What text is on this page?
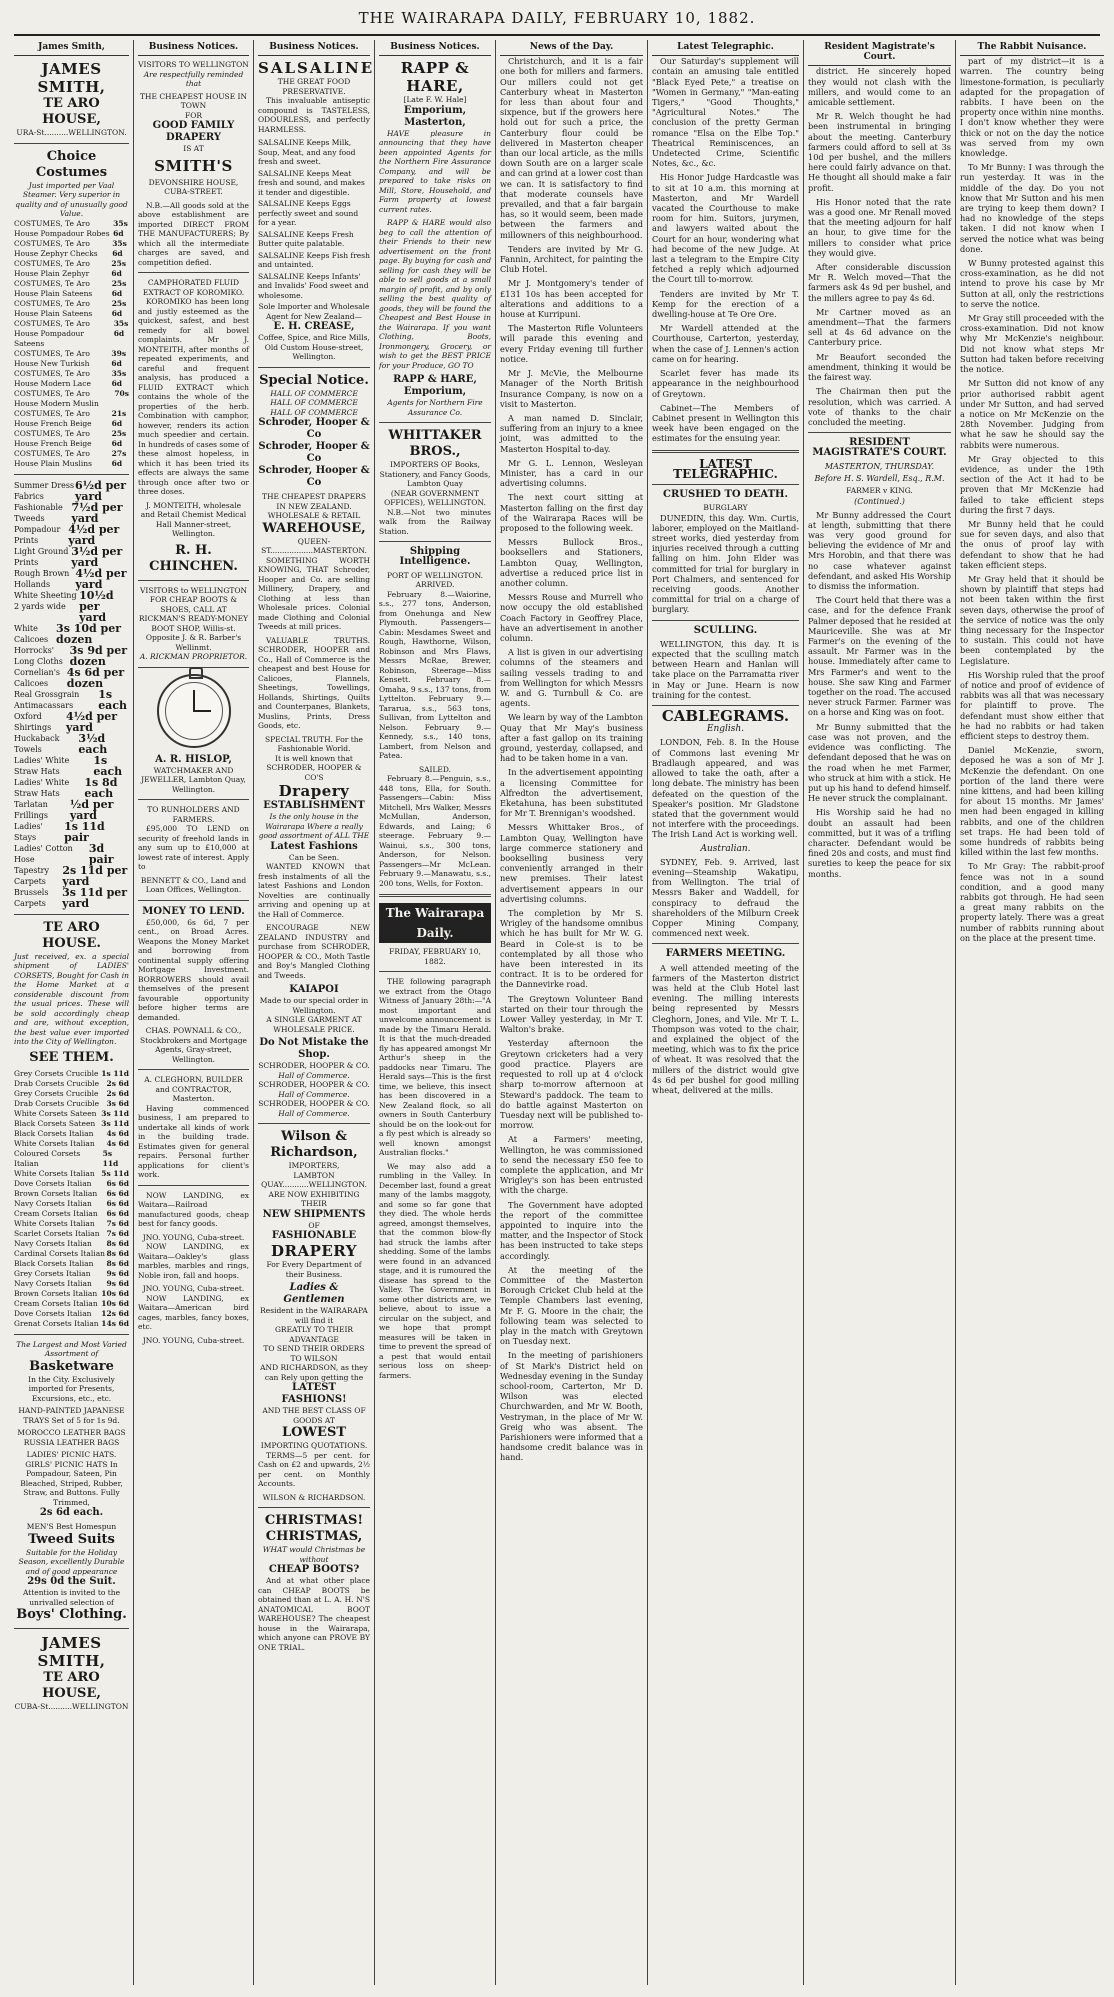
THE WAIRARAPA DAILY, FEBRUARY 10, 1882.
James Smith,
JAMES SMITH,
TE ARO HOUSE,
URA-St..........WELLINGTON.
Choice Costumes
Just imported per Vaal Steamer. Very superior in quality and of unusually good Value.
COSTUMES, Te Aro House Pompadour Robes
35s 6d
COSTUMES, Te Aro House Zephyr Checks
35s 6d
COSTUMES, Te Aro House Plain Zephyr
25s 6d
COSTUMES, Te Aro House Plain Sateens
25s 6d
COSTUMES, Te Aro House Plain Sateens
25s 6d
COSTUMES, Te Aro House Pompadour Sateens
35s 6d
COSTUMES, Te Aro House New Turkish
39s 6d
COSTUMES, Te Aro House Modern Lace
35s 6d
COSTUMES, Te Aro House Modern Muslin
70s
COSTUMES, Te Aro House French Beige
21s 6d
COSTUMES, Te Aro House French Beige
25s 6d
COSTUMES, Te Aro House Plain Muslins
27s 6d
Summer Dress Fabrics
6½d per yard
Fashionable Tweeds
7½d per yard
Pompadour Prints
4½d per yard
Light Ground Prints
3½d per yard
Rough Brown Hollands
4½d per yard
White Sheeting 2 yards wide
10½d per yard
White Calicoes
3s 10d per dozen
Horrocks' Long Cloths
3s 9d per dozen
Cornelian's Calicoes
4s 6d per dozen
Real Grossgrain Antimacassars
1s each
Oxford Shirtings
4½d per yard
Huckaback Towels
3½d each
Ladies' White Straw Hats
1s each
Ladies' White Straw Hats
1s 8d each
Tarlatan Frillings
½d per yard
Ladies' Stays
1s 11d pair
Ladies' Cotton Hose
3d pair
Tapestry Carpets
2s 11d per yard
Brussels Carpets
3s 11d per yard
TE ARO HOUSE.
Just received, ex. a special shipment of LADIES' CORSETS, Bought for Cash in the Home Market at a considerable discount from the usual prices. These will be sold accordingly cheap and are, without exception, the best value ever imported into the City of Wellington.
SEE THEM.
Grey Corsets Crucible 1s 11d
Drab Corsets Crucible 2s 6d
Grey Corsets Crucible 2s 6d
Drab Corsets Crucible 3s 6d
White Corsets Sateen 3s 11d
Black Corsets Sateen 3s 11d
Black Corsets Italian 4s 6d
White Corsets Italian 4s 6d
Coloured Corsets Italian
5s 11d
White Corsets Italian 5s 11d
Dove Corsets Italian 6s 6d
Brown Corsets Italian 6s 6d
Navy Corsets Italian 6s 6d
Cream Corsets Italian 6s 6d
White Corsets Italian 7s 6d
Scarlet Corsets Italian 7s 6d
Navy Corsets Italian 8s 6d
Cardinal Corsets Italian 8s 6d
Black Corsets Italian 8s 6d
Grey Corsets Italian 9s 6d
Navy Corsets Italian 9s 6d
Brown Corsets Italian 10s 6d
Cream Corsets Italian 10s 6d
Dove Corsets Italian 12s 6d
Grenat Corsets Italian 14s 6d
The Largest and Most Varied Assortment of
Basketware
In the City. Exclusively imported for Presents, Excursions, etc., etc.
HAND-PAINTED JAPANESE TRAYS Set of 5 for 1s 9d.
MOROCCO LEATHER BAGS RUSSIA LEATHER BAGS
LADIES' PICNIC HATS. GIRLS' PICNIC HATS In Pompadour, Sateen, Pin Bleached, Striped, Rubber, Straw, and Buttons. Fully Trimmed,
2s 6d each.
MEN'S Best Homespun
Tweed Suits
Suitable for the Holiday Season, excellently Durable and of good appearance
29s 0d the Suit.
Attention is invited to the unrivalled selection of
Boys' Clothing.
JAMES SMITH,
TE ARO HOUSE,
CUBA-St..........WELLINGTON
Business Notices.
VISITORS TO WELLINGTON
Are respectfully reminded that
THE CHEAPEST HOUSE IN TOWN
FOR
GOOD FAMILY DRAPERY
IS AT
SMITH'S
DEVONSHIRE HOUSE,
CUBA-STREET.

N.B.—All goods sold at the above establishment are imported DIRECT FROM THE MANUFACTURERS; By which all the intermediate charges are saved, and competition defied.

CAMPHORATED FLUID EXTRACT OF KOROMIKO.

KOROMIKO has been long and justly esteemed as the quickest, safest, and best remedy for all bowel complaints. Mr J. MONTEITH, after months of repeated experiments, and careful and frequent analysis, has produced a FLUID EXTRACT which contains the whole of the properties of the herb. Combination with camphor, however, renders its action much speedier and certain. In hundreds of cases some of these almost hopeless, in which it has been tried its effects are always the same through once after two or three doses.

J. MONTEITH, wholesale and Retail Chemist Medical Hall Manner-street, Wellington.
R. H. CHINCHEN.
VISITORS to WELLINGTON FOR CHEAP BOOTS & SHOES, CALL AT RICKMAN'S READY-MONEY BOOT SHOP, Willis-st. Opposite J. & R. Barber's Wellinmt.
A. RICKMAN PROPRIETOR.
A. R. HISLOP,
WATCHMAKER AND JEWELLER, Lambton Quay, Wellington.
TO RUNHOLDERS AND FARMERS.

£95,000 TO LEND on security of freehold lands in any sum up to £10,000 at lowest rate of interest. Apply to

BENNETT & CO., Land and Loan Offices, Wellington.
MONEY TO LEND.

£50,000, 6s 6d, 7 per cent., on Broad Acres. Weapons the Money Market and borrowing from continental supply offering Mortgage Investment. BORROWERS should avail themselves of the present favourable opportunity before higher terms are demanded.

CHAS. POWNALL & CO., Stockbrokers and Mortgage Agents, Gray-street, Wellington.
A. CLEGHORN, BUILDER and CONTRACTOR, Masterton.

Having commenced business, I am prepared to undertake all kinds of work in the building trade. Estimates given for general repairs. Personal further applications for client's work.

NOW LANDING, ex Waitara—Railroad manufactured goods, cheap best for fancy goods.

JNO. YOUNG, Cuba-street.

NOW LANDING, ex Waitara—Oakley's glass marbles, marbles and rings, Noble iron, fall and hoops.

JNO. YOUNG, Cuba-street.

NOW LANDING, ex Waitara—American bird cages, marbles, fancy boxes, etc.

JNO. YOUNG, Cuba-street.
Business Notices.
SALSALINE
THE GREAT FOOD PRESERVATIVE.

This invaluable antiseptic compound is TASTELESS, ODOURLESS, and perfectly HARMLESS.

SALSALINE Keeps Milk, Soup, Meat, and any food fresh and sweet.
SALSALINE Keeps Meat fresh and sound, and makes it tender and digestible.
SALSALINE Keeps Eggs perfectly sweet and sound for a year.
SALSALINE Keeps Fresh Butter quite palatable.
SALSALINE Keeps Fish fresh and untainted.
SALSALINE Keeps Infants' and Invalids' Food sweet and wholesome.
Sole Importer and Wholesale Agent for New Zealand—
E. H. CREASE,
Coffee, Spice, and Rice Mills, Old Custom House-street, Wellington.
Special Notice.
HALL OF COMMERCE
HALL OF COMMERCE
HALL OF COMMERCE
Schroder, Hooper & Co
Schroder, Hooper & Co
Schroder, Hooper & Co
THE CHEAPEST DRAPERS IN NEW ZEALAND.
WHOLESALE & RETAIL
WAREHOUSE,
QUEEN-ST..................MASTERTON.

SOMETHING WORTH KNOWING, THAT Schroder, Hooper and Co. are selling Millinery, Drapery, and Clothing at less than Wholesale prices. Colonial made Clothing and Colonial Tweeds at mill prices.

VALUABLE TRUTHS. SCHRODER, HOOPER and Co., Hall of Commerce is the cheapest and best House for Calicoes, Flannels, Sheetings, Towellings, Hollands, Shirtings, Quilts and Counterpanes, Blankets, Muslins, Prints, Dress Goods, etc.

SPECIAL TRUTH. For the Fashionable World.
It is well known that SCHRODER, HOOPER & CO'S
Drapery
ESTABLISHMENT
Is the only house in the Wairarapa Where a really good assortment of ALL THE
Latest Fashions
Can be Seen.

WANTED KNOWN that fresh instalments of all the latest Fashions and London Novelties are continually arriving and opening up at the Hall of Commerce.

ENCOURAGE NEW ZEALAND INDUSTRY and purchase from SCHRODER, HOOPER & CO., Moth Tastle and Boy's Mangled Clothing and Tweeds.

KAIAPOI
Made to our special order in Wellington.
A SINGLE GARMENT AT WHOLESALE PRICE.
Do Not Mistake the Shop.
SCHRODER, HOOPER & CO.
Hall of Commerce.
SCHRODER, HOOPER & CO.
Hall of Commerce.
SCHRODER, HOOPER & CO.
Hall of Commerce.
Wilson & Richardson,
IMPORTERS,
LAMBTON QUAY...........WELLINGTON.
ARE NOW EXHIBITING THEIR
NEW SHIPMENTS
OF
FASHIONABLE
DRAPERY
For Every Department of their Business.
Ladies & Gentlemen
Resident in the WAIRARAPA will find it
GREATLY TO THEIR ADVANTAGE
TO SEND THEIR ORDERS TO WILSON
AND RICHARDSON, as they can Rely upon getting the
LATEST FASHIONS!
AND THE BEST CLASS OF GOODS AT
LOWEST
IMPORTING QUOTATIONS.

TERMS—5 per cent. for Cash on £2 and upwards, 2½ per cent. on Monthly Accounts.

WILSON & RICHARDSON.
CHRISTMAS!
CHRISTMAS,
WHAT would Christmas be without
CHEAP BOOTS?

And at what other place can CHEAP BOOTS be obtained than at L. A. H. N'S ANATOMICAL BOOT WAREHOUSE? The cheapest house in the Wairarapa, which anyone can PROVE BY ONE TRIAL.

Business Notices.
RAPP & HARE,
[Late F. W. Hale]
Emporium, Masterton,

HAVE pleasure in announcing that they have been appointed Agents for the Northern Fire Assurance Company, and will be prepared to take risks on Mill, Store, Household, and Farm property at lowest current rates.

RAPP & HARE would also beg to call the attention of their Friends to their new advertisement on the front page. By buying for cash and selling for cash they will be able to sell goods at a small margin of profit, and by only selling the best quality of goods, they will be found the Cheapest and Best House in the Wairarapa. If you want Clothing, Boots, Ironmongery, Grocery, or wish to get the BEST PRICE for your Produce, GO TO

RAPP & HARE, Emporium,
Agents for Northern Fire Assurance Co.
WHITTAKER BROS.,
IMPORTERS OF Books, Stationery, and Fancy Goods, Lambton Quay
(NEAR GOVERNMENT OFFICES), WELLINGTON.

N.B.—Not two minutes walk from the Railway Station.

Shipping Intelligence.
PORT OF WELLINGTON.
ARRIVED.

February 8.—Waiorine, s.s., 277 tons, Anderson, from Onehunga and New Plymouth. Passengers—Cabin: Mesdames Sweet and Rough, Hawthorne, Wilson, Robinson and Mrs Flaws, Messrs McRae, Brewer, Robinson, Steerage—Miss Kensett. February 8.—Omaha, 9 s.s., 137 tons, from Lyttelton. February 9.—Tararua, s.s., 563 tons, Sullivan, from Lyttelton and Nelson. February 9.—Kennedy, s.s., 140 tons, Lambert, from Nelson and Patea.

SAILED.

February 8.—Penguin, s.s., 448 tons, Ella, for South. Passengers—Cabin: Miss Mitchell, Mrs Walker, Messrs McMullan, Anderson, Edwards, and Laing; 6 steerage. February 9.—Wainui, s.s., 300 tons, Anderson, for Nelson. Passengers—Mr McLean. February 9.—Manawatu, s.s., 200 tons, Wells, for Foxton.

The Wairarapa Daily.
FRIDAY, FEBRUARY 10, 1882.

THE following paragraph we extract from the Otago Witness of January 28th:—"A most important and unwelcome announcement is made by the Timaru Herald. It is that the much-dreaded fly has appeared amongst Mr Arthur's sheep in the paddocks near Timaru. The Herald says—This is the first time, we believe, this insect has been discovered in a New Zealand flock, so all owners in South Canterbury should be on the look-out for a fly pest which is already so well known amongst Australian flocks."

We may also add a rumbling in the Valley. In December last, found a great many of the lambs maggoty, and some so far gone that they died. The whole herds agreed, amongst themselves, that the common blow-fly had struck the lambs after shedding. Some of the lambs were found in an advanced stage, and it is rumoured the disease has spread to the Valley. The Government in some other districts are, we believe, about to issue a circular on the subject, and we hope that prompt measures will be taken in time to prevent the spread of a pest that would entail serious loss on sheep-farmers.

News of the Day.

Christchurch, and it is a fair one both for millers and farmers. Our millers could not get Canterbury wheat in Masterton for less than about four and sixpence, but if the growers here hold out for such a price, the Canterbury flour could be delivered in Masterton cheaper than our local article, as the mills down South are on a larger scale and can grind at a lower cost than we can. It is satisfactory to find that moderate counsels have prevailed, and that a fair bargain has, so it would seem, been made between the farmers and millowners of this neighbourhood.

Tenders are invited by Mr G. Fannin, Architect, for painting the Club Hotel.

Mr J. Montgomery's tender of £131 10s has been accepted for alterations and additions to a house at Kurripuni.

The Masterton Rifle Volunteers will parade this evening and every Friday evening till further notice.

Mr J. McVie, the Melbourne Manager of the North British Insurance Company, is now on a visit to Masterton.

A man named D. Sinclair, suffering from an injury to a knee joint, was admitted to the Masterton Hospital to-day.

Mr G. L. Lennon, Wesleyan Minister, has a card in our advertising columns.

The next court sitting at Masterton falling on the first day of the Wairarapa Races will be proposed to the following week.

Messrs Bullock Bros., booksellers and Stationers, Lambton Quay, Wellington, advertise a reduced price list in another column.

Messrs Rouse and Murrell who now occupy the old established Coach Factory in Geoffrey Place, have an advertisement in another column.

A list is given in our advertising columns of the steamers and sailing vessels trading to and from Wellington for which Messrs W. and G. Turnbull & Co. are agents.

We learn by way of the Lambton Quay that Mr May's business after a fast gallop on its training ground, yesterday, collapsed, and had to be taken home in a van.

In the advertisement appointing a licensing Committee for Alfredton the advertisement, Eketahuna, has been substituted for Mr T. Brennigan's woodshed.

Messrs Whittaker Bros., of Lambton Quay, Wellington have large commerce stationery and bookselling business very conveniently arranged in their new premises. Their latest advertisement appears in our advertising columns.

The completion by Mr S. Wrigley of the handsome omnibus which he has built for Mr W. G. Beard in Cole-st is to be contemplated by all those who have been interested in its contract. It is to be ordered for the Dannevirke road.

The Greytown Volunteer Band started on their tour through the Lower Valley yesterday, in Mr T. Walton's brake.

Yesterday afternoon the Greytown cricketers had a very good practice. Players are requested to roll up at 4 o'clock sharp to-morrow afternoon at Steward's paddock. The team to do battle against Masterton on Tuesday next will be published to-morrow.

At a Farmers' meeting, Wellington, he was commissioned to send the necessary £50 fee to complete the application, and Mr Wrigley's son has been entrusted with the charge.

The Government have adopted the report of the committee appointed to inquire into the matter, and the Inspector of Stock has been instructed to take steps accordingly.

At the meeting of the Committee of the Masterton Borough Cricket Club held at the Temple Chambers last evening, Mr F. G. Moore in the chair, the following team was selected to play in the match with Greytown on Tuesday next.

In the meeting of parishioners of St Mark's District held on Wednesday evening in the Sunday school-room, Carterton, Mr D. Wilson was elected Churchwarden, and Mr W. Booth, Vestryman, in the place of Mr W. Greig who was absent. The Parishioners were informed that a handsome credit balance was in hand.

Latest Telegraphic.

Our Saturday's supplement will contain an amusing tale entitled "Black Eyed Pete," a treatise on "Women in Germany," "Man-eating Tigers," "Good Thoughts," "Agricultural Notes." The conclusion of the pretty German romance "Elsa on the Elbe Top." Theatrical Reminiscences, an Undetected Crime, Scientific Notes, &c., &c.

His Honor Judge Hardcastle was to sit at 10 a.m. this morning at Masterton, and Mr Wardell vacated the Courthouse to make room for him. Suitors, jurymen, and lawyers waited about the Court for an hour, wondering what had become of the new Judge. At last a telegram to the Empire City fetched a reply which adjourned the Court till to-morrow.

Tenders are invited by Mr T. Kemp for the erection of a dwelling-house at Te Ore Ore.

Mr Wardell attended at the Courthouse, Carterton, yesterday, when the case of J. Lennen's action came on for hearing.

Scarlet fever has made its appearance in the neighbourhood of Greytown.

Cabinet—The Members of Cabinet present in Wellington this week have been engaged on the estimates for the ensuing year.

LATEST TELEGRAPHIC.
CRUSHED TO DEATH.
BURGLARY

DUNEDIN, this day. Wm. Curtis, laborer, employed on the Maitland-street works, died yesterday from injuries received through a cutting falling on him. John Elder was committed for trial for burglary in Port Chalmers, and sentenced for receiving goods. Another committal for trial on a charge of burglary.

SCULLING.

WELLINGTON, this day. It is expected that the sculling match between Hearn and Hanlan will take place on the Parramatta river in May or June. Hearn is now training for the contest.

CABLEGRAMS.
English.

LONDON, Feb. 8. In the House of Commons last evening Mr Bradlaugh appeared, and was allowed to take the oath, after a long debate. The ministry has been defeated on the question of the Speaker's position. Mr Gladstone stated that the government would not interfere with the proceedings. The Irish Land Act is working well.

Australian.

SYDNEY, Feb. 9. Arrived, last evening—Steamship Wakatipu, from Wellington. The trial of Messrs Baker and Waddell, for conspiracy to defraud the shareholders of the Milburn Creek Copper Mining Company, commenced next week.

FARMERS MEETING.

A well attended meeting of the farmers of the Masterton district was held at the Club Hotel last evening. The milling interests being represented by Messrs Cleghorn, Jones, and Vile. Mr T. L. Thompson was voted to the chair, and explained the object of the meeting, which was to fix the price of wheat. It was resolved that the millers of the district would give 4s 6d per bushel for good milling wheat, delivered at the mills.

Resident Magistrate's Court.

district. He sincerely hoped they would not clash with the millers, and would come to an amicable settlement.

Mr R. Welch thought he had been instrumental in bringing about the meeting. Canterbury farmers could afford to sell at 3s 10d per bushel, and the millers here could fairly advance on that. He thought all should make a fair profit.

His Honor noted that the rate was a good one. Mr Renall moved that the meeting adjourn for half an hour, to give time for the millers to consider what price they would give.

After considerable discussion Mr R. Welch moved—That the farmers ask 4s 9d per bushel, and the millers agree to pay 4s 6d.

Mr Cartner moved as an amendment—That the farmers sell at 4s 6d advance on the Canterbury price.

Mr Beaufort seconded the amendment, thinking it would be the fairest way.

The Chairman then put the resolution, which was carried. A vote of thanks to the chair concluded the meeting.

RESIDENT MAGISTRATE'S COURT.
MASTERTON, THURSDAY.
Before H. S. Wardell, Esq., R.M.
FARMER v KING.
(Continued.)

Mr Bunny addressed the Court at length, submitting that there was very good ground for believing the evidence of Mr and Mrs Horobin, and that there was no case whatever against defendant, and asked His Worship to dismiss the information.

The Court held that there was a case, and for the defence Frank Palmer deposed that he resided at Mauriceville. She was at Mr Farmer's on the evening of the assault. Mr Farmer was in the house. Immediately after came to Mrs Farmer's and went to the house. She saw King and Farmer together on the road. The accused never struck Farmer. Farmer was on a horse and King was on foot.

Mr Bunny submitted that the case was not proven, and the evidence was conflicting. The defendant deposed that he was on the road when he met Farmer, who struck at him with a stick. He put up his hand to defend himself. He never struck the complainant.

His Worship said he had no doubt an assault had been committed, but it was of a trifling character. Defendant would be fined 20s and costs, and must find sureties to keep the peace for six months.

The Rabbit Nuisance.

part of my district—it is a warren. The country being limestone-formation, is peculiarly adapted for the propagation of rabbits. I have been on the property once within nine months. I don't know whether they were thick or not on the day the notice was served from my own knowledge.

To Mr Bunny: I was through the run yesterday. It was in the middle of the day. Do you not know that Mr Sutton and his men are trying to keep them down? I had no knowledge of the steps taken. I did not know when I served the notice what was being done.

W Bunny protested against this cross-examination, as he did not intend to prove his case by Mr Sutton at all, only the restrictions to serve the notice.

Mr Gray still proceeded with the cross-examination. Did not know why Mr McKenzie's neighbour. Did not know what steps Mr Sutton had taken before receiving the notice.

Mr Sutton did not know of any prior authorised rabbit agent under Mr Sutton, and had served a notice on Mr McKenzie on the 28th November. Judging from what he saw he should say the rabbits were numerous.

Mr Gray objected to this evidence, as under the 19th section of the Act it had to be proven that Mr McKenzie had failed to take efficient steps during the first 7 days.

Mr Bunny held that he could sue for seven days, and also that the onus of proof lay with defendant to show that he had taken efficient steps.

Mr Gray held that it should be shown by plaintiff that steps had not been taken within the first seven days, otherwise the proof of the service of notice was the only thing necessary for the Inspector to sustain. This could not have been contemplated by the Legislature.

His Worship ruled that the proof of notice and proof of evidence of rabbits was all that was necessary for plaintiff to prove. The defendant must show either that he had no rabbits or had taken efficient steps to destroy them.

Daniel McKenzie, sworn, deposed he was a son of Mr J. McKenzie the defendant. On one portion of the land there were nine kittens, and had been killing for about 15 months. Mr James' men had been engaged in killing rabbits, and one of the children set traps. He had been told of some hundreds of rabbits being killed within the last few months.

To Mr Gray: The rabbit-proof fence was not in a sound condition, and a good many rabbits got through. He had seen a great many rabbits on the property lately. There was a great number of rabbits running about on the place at the present time.
